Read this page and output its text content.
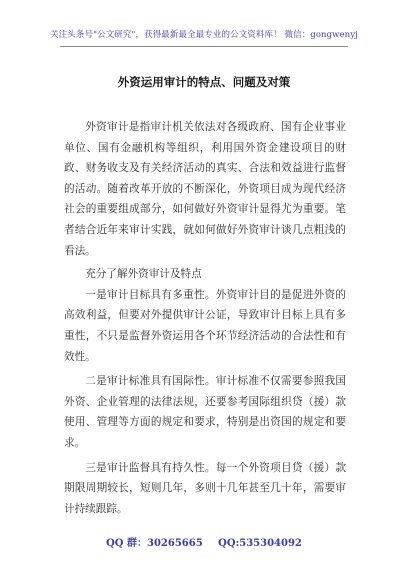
关注头条号"公文研究"，获得最新最全最专业的公文资料库！ 微信：gongwenyj
外资运用审计的特点、问题及对策

外资审计是指审计机关依法对各级政府、国有企业事业单位、国有金融机构等组织，利用国外资金建设项目的财政、财务收支及有关经济活动的真实、合法和效益进行监督的活动。随着改革开放的不断深化，外资项目成为现代经济社会的重要组成部分，如何做好外资审计显得尤为重要。笔者结合近年来审计实践，就如何做好外资审计谈几点粗浅的看法。

充分了解外资审计及特点

一是审计目标具有多重性。外资审计目的是促进外资的高效利益，但要对外提供审计公证，导致审计目标上具有多重性，不只是监督外资运用各个环节经济活动的合法性和有效性。

二是审计标准具有国际性。审计标准不仅需要参照我国外资、企业管理的法律法规，还要参考国际组织贷（援）款使用、管理等方面的规定和要求，特别是出资国的规定和要求。

三是审计监督具有持久性。每一个外资项目贷（援）款期限周期较长，短则几年，多则十几年甚至几十年，需要审计持续跟踪。

QQ 群：30265665 QQ:535304092
